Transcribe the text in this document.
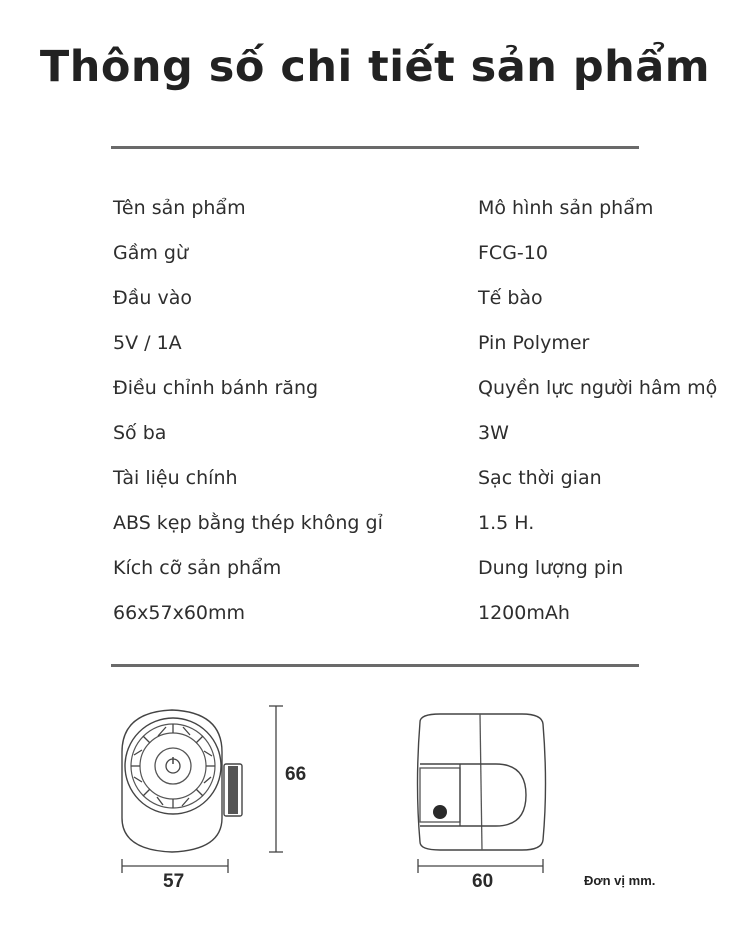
Thông số chi tiết sản phẩm
Tên sản phẩm
Gầm gừ
Đầu vào
5V / 1A
Điều chỉnh bánh răng
Số ba
Tài liệu chính
ABS kẹp bằng thép không gỉ
Kích cỡ sản phẩm
66x57x60mm
Mô hình sản phẩm
FCG-10
Tế bào
Pin Polymer
Quyền lực người hâm mộ
3W
Sạc thời gian
1.5 H.
Dung lượng pin
1200mAh
66
57	60	Đơn vị mm.
